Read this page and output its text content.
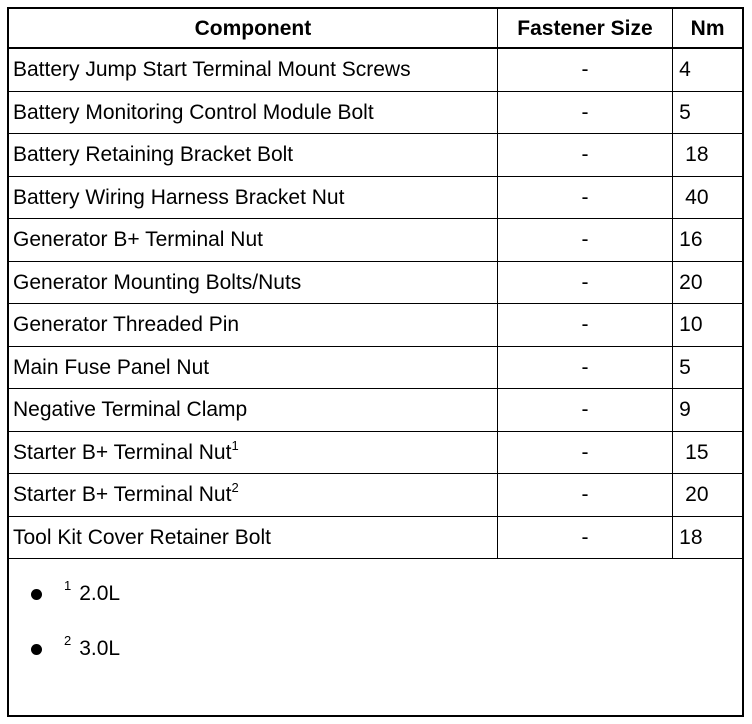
Component	Fastener Size	Nm
Battery Jump Start Terminal Mount Screws	-	4
Battery Monitoring Control Module Bolt	-	5
Battery Retaining Bracket Bolt	-	18
Battery Wiring Harness Bracket Nut	-	40
Generator B+ Terminal Nut	-	16
Generator Mounting Bolts/Nuts	-	20
Generator Threaded Pin	-	10
Main Fuse Panel Nut	-	5
Negative Terminal Clamp	-	9
Starter B+ Terminal Nut$^1$	-	15
Starter B+ Terminal Nut$^2$	-	20
Tool Kit Cover Retainer Bolt	-	18
1 2.0L
2 3.0L
